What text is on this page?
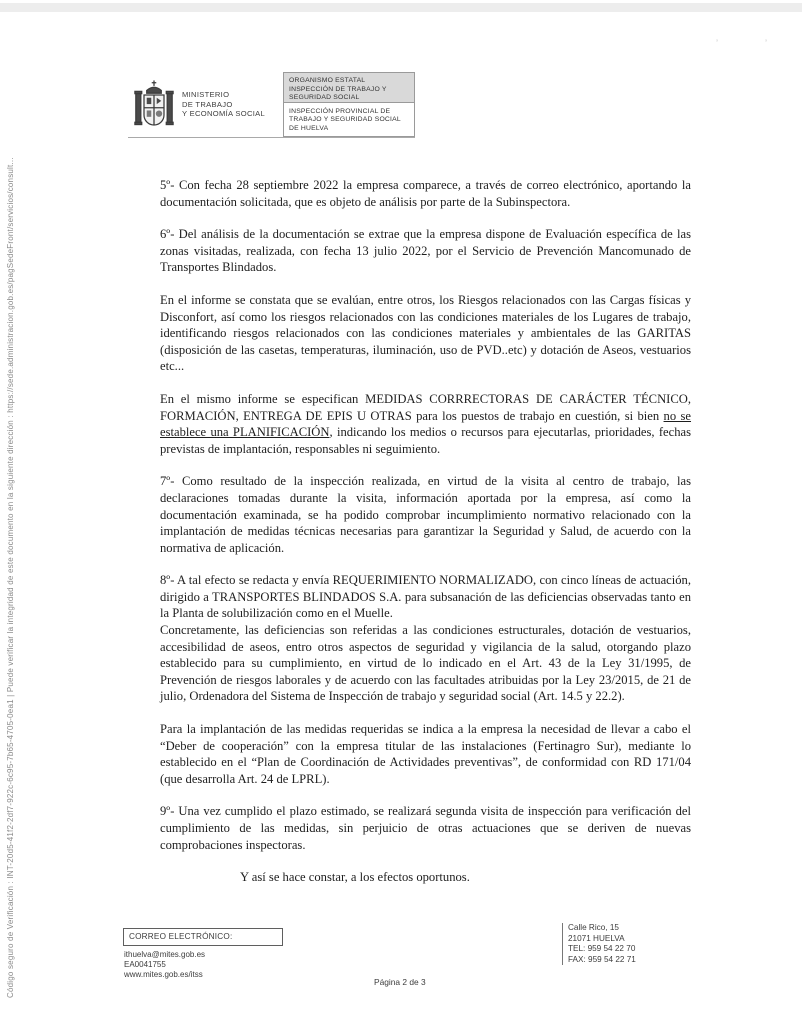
Código seguro de Verificación : INT-20d5-41f2-2df7-922c-6c95-7b65-4705-0ea1 | Puede verificar la integridad de este documento en la siguiente dirección : https://sede.administracion.gob.es/pagSedeFront/servicios/consult...
’	’
MINISTERIO
DE TRABAJO
Y ECONOMÍA SOCIAL
ORGANISMO ESTATAL INSPECCIÓN DE TRABAJO Y SEGURIDAD SOCIAL
INSPECCIÓN PROVINCIAL DE TRABAJO Y SEGURIDAD SOCIAL DE HUELVA

5º- Con fecha 28 septiembre 2022 la empresa comparece, a través de correo electrónico, aportando la documentación solicitada, que es objeto de análisis por parte de la Subinspectora.

6º- Del análisis de la documentación se extrae que la empresa dispone de Evaluación específica de las zonas visitadas, realizada, con fecha 13 julio 2022, por el Servicio de Prevención Mancomunado de Transportes Blindados.

En el informe se constata que se evalúan, entre otros, los Riesgos relacionados con las Cargas físicas y Disconfort, así como los riesgos relacionados con las condiciones materiales de los Lugares de trabajo, identificando riesgos relacionados con las condiciones materiales y ambientales de las GARITAS (disposición de las casetas, temperaturas, iluminación, uso de PVD..etc) y dotación de Aseos, vestuarios etc...

En el mismo informe se especifican MEDIDAS CORRRECTORAS DE CARÁCTER TÉCNICO, FORMACIÓN, ENTREGA DE EPIS U OTRAS para los puestos de trabajo en cuestión, si bien no se establece una PLANIFICACIÓN, indicando los medios o recursos para ejecutarlas, prioridades, fechas previstas de implantación, responsables ni seguimiento.

7º- Como resultado de la inspección realizada, en virtud de la visita al centro de trabajo, las declaraciones tomadas durante la visita, información aportada por la empresa, así como la documentación examinada, se ha podido comprobar incumplimiento normativo relacionado con la implantación de medidas técnicas necesarias para garantizar la Seguridad y Salud, de acuerdo con la normativa de aplicación.

8º- A tal efecto se redacta y envía REQUERIMIENTO NORMALIZADO, con cinco líneas de actuación, dirigido a TRANSPORTES BLINDADOS S.A. para subsanación de las deficiencias observadas tanto en la Planta de solubilización como en el Muelle.

Concretamente, las deficiencias son referidas a las condiciones estructurales, dotación de vestuarios, accesibilidad de aseos, entro otros aspectos de seguridad y vigilancia de la salud, otorgando plazo establecido para su cumplimiento, en virtud de lo indicado en el Art. 43 de la Ley 31/1995, de Prevención de riesgos laborales y de acuerdo con las facultades atribuidas por la Ley 23/2015, de 21 de julio, Ordenadora del Sistema de Inspección de trabajo y seguridad social (Art. 14.5 y 22.2).

Para la implantación de las medidas requeridas se indica a la empresa la necesidad de llevar a cabo el “Deber de cooperación” con la empresa titular de las instalaciones (Fertinagro Sur), mediante lo establecido en el “Plan de Coordinación de Actividades preventivas”, de conformidad con RD 171/04 (que desarrolla Art. 24 de LPRL).

9º- Una vez cumplido el plazo estimado, se realizará segunda visita de inspección para verificación del cumplimiento de las medidas, sin perjuicio de otras actuaciones que se deriven de nuevas comprobaciones inspectoras.

Y así se hace constar, a los efectos oportunos.

CORREO ELECTRÓNICO:
ithuelva@mites.gob.es
EA0041755
www.mites.gob.es/itss
Página 2 de 3
Calle Rico, 15
21071 HUELVA
TEL: 959 54 22 70
FAX: 959 54 22 71
